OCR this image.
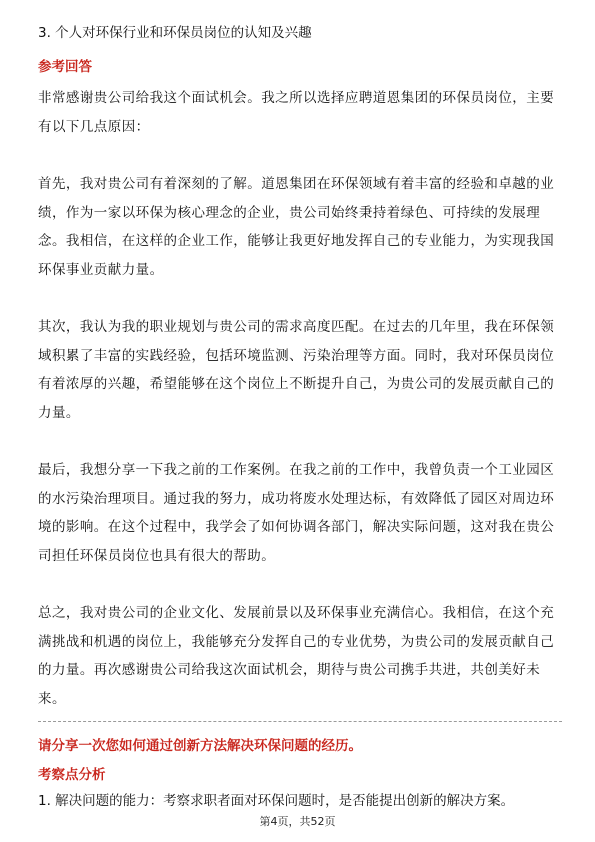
3. 个人对环保行业和环保员岗位的认知及兴趣
参考回答

非常感谢贵公司给我这个面试机会。我之所以选择应聘道恩集团的环保员岗位，主要有以下几点原因：

首先，我对贵公司有着深刻的了解。道恩集团在环保领域有着丰富的经验和卓越的业绩，作为一家以环保为核心理念的企业，贵公司始终秉持着绿色、可持续的发展理念。我相信，在这样的企业工作，能够让我更好地发挥自己的专业能力，为实现我国环保事业贡献力量。

其次，我认为我的职业规划与贵公司的需求高度匹配。在过去的几年里，我在环保领域积累了丰富的实践经验，包括环境监测、污染治理等方面。同时，我对环保员岗位有着浓厚的兴趣，希望能够在这个岗位上不断提升自己，为贵公司的发展贡献自己的力量。

最后，我想分享一下我之前的工作案例。在我之前的工作中，我曾负责一个工业园区的水污染治理项目。通过我的努力，成功将废水处理达标，有效降低了园区对周边环境的影响。在这个过程中，我学会了如何协调各部门，解决实际问题，这对我在贵公司担任环保员岗位也具有很大的帮助。

总之，我对贵公司的企业文化、发展前景以及环保事业充满信心。我相信，在这个充满挑战和机遇的岗位上，我能够充分发挥自己的专业优势，为贵公司的发展贡献自己的力量。再次感谢贵公司给我这次面试机会，期待与贵公司携手共进，共创美好未来。

请分享一次您如何通过创新方法解决环保问题的经历。
考察点分析
1. 解决问题的能力：考察求职者面对环保问题时，是否能提出创新的解决方案。
第4页，共52页
